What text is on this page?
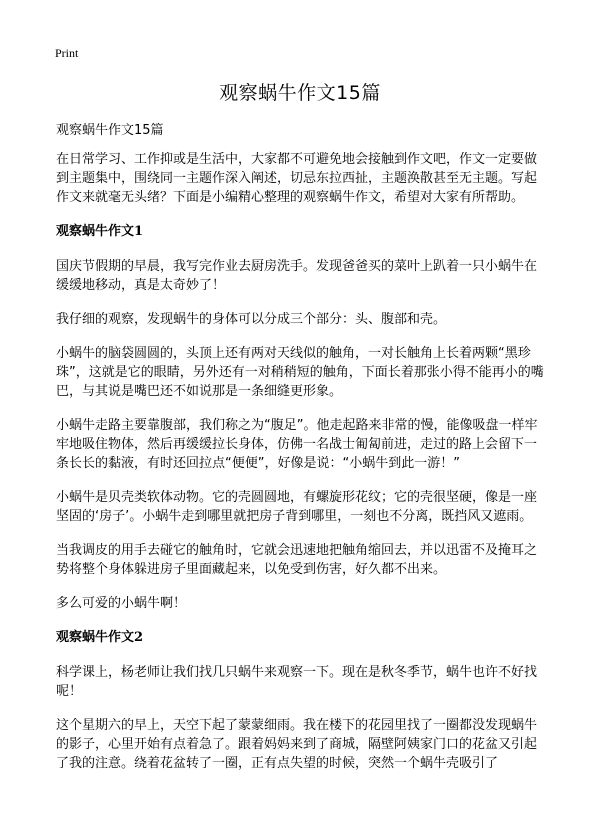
Print
观察蜗牛作文15篇
观察蜗牛作文15篇

在日常学习、工作抑或是生活中，大家都不可避免地会接触到作文吧，作文一定要做到主题集中，围绕同一主题作深入阐述，切忌东拉西扯，主题涣散甚至无主题。写起作文来就毫无头绪？下面是小编精心整理的观察蜗牛作文，希望对大家有所帮助。

观察蜗牛作文1

国庆节假期的早晨，我写完作业去厨房洗手。发现爸爸买的菜叶上趴着一只小蜗牛在缓缓地移动，真是太奇妙了！

我仔细的观察，发现蜗牛的身体可以分成三个部分：头、腹部和壳。

小蜗牛的脑袋圆圆的，头顶上还有两对天线似的触角，一对长触角上长着两颗“黑珍珠”，这就是它的眼睛，另外还有一对稍稍短的触角，下面长着那张小得不能再小的嘴巴，与其说是嘴巴还不如说那是一条细缝更形象。

小蜗牛走路主要靠腹部，我们称之为“腹足”。他走起路来非常的慢，能像吸盘一样牢牢地吸住物体，然后再缓缓拉长身体，仿佛一名战士匍匐前进，走过的路上会留下一条长长的黏液，有时还回拉点“便便”，好像是说：“小蜗牛到此一游！”

小蜗牛是贝壳类软体动物。它的壳圆圆地，有螺旋形花纹；它的壳很坚硬，像是一座坚固的‘房子’。小蜗牛走到哪里就把房子背到哪里，一刻也不分离，既挡风又遮雨。

当我调皮的用手去碰它的触角时，它就会迅速地把触角缩回去，并以迅雷不及掩耳之势将整个身体躲进房子里面藏起来，以免受到伤害，好久都不出来。

多么可爱的小蜗牛啊！

观察蜗牛作文2

科学课上，杨老师让我们找几只蜗牛来观察一下。现在是秋冬季节，蜗牛也许不好找呢！

这个星期六的早上，天空下起了蒙蒙细雨。我在楼下的花园里找了一圈都没发现蜗牛的影子，心里开始有点着急了。跟着妈妈来到了商城，隔壁阿姨家门口的花盆又引起了我的注意。绕着花盆转了一圈，正有点失望的时候，突然一个蜗牛壳吸引了
